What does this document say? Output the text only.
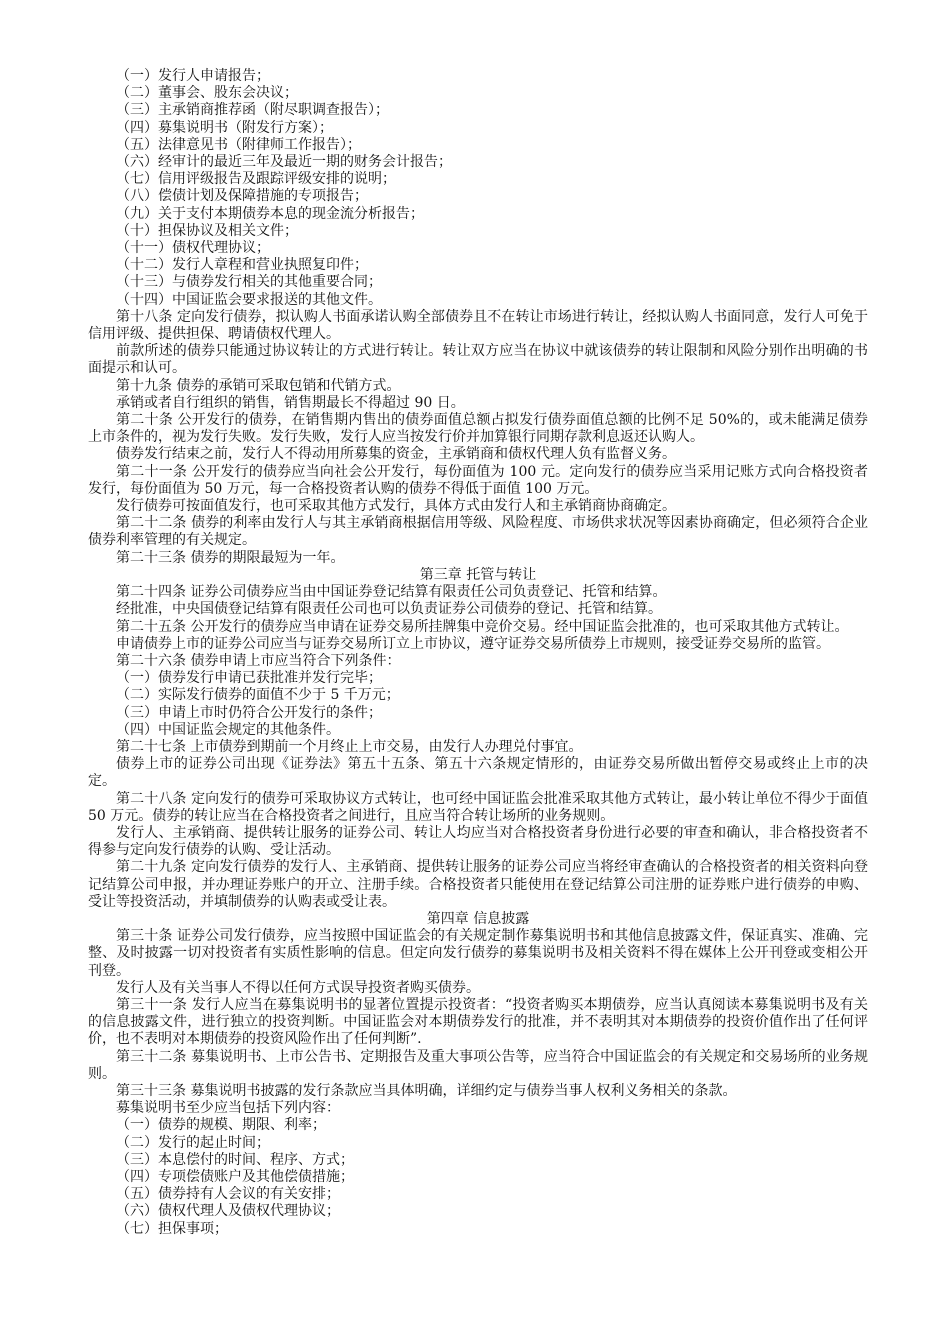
（一）发行人申请报告；

（二）董事会、股东会决议；

（三）主承销商推荐函（附尽职调查报告）；

（四）募集说明书（附发行方案）；

（五）法律意见书（附律师工作报告）；

（六）经审计的最近三年及最近一期的财务会计报告；

（七）信用评级报告及跟踪评级安排的说明；

（八）偿债计划及保障措施的专项报告；

（九）关于支付本期债券本息的现金流分析报告；

（十）担保协议及相关文件；

（十一）债权代理协议；

（十二）发行人章程和营业执照复印件；

（十三）与债券发行相关的其他重要合同；

（十四）中国证监会要求报送的其他文件。

第十八条 定向发行债券，拟认购人书面承诺认购全部债券且不在转让市场进行转让，经拟认购人书面同意，发行人可免于信用评级、提供担保、聘请债权代理人。

前款所述的债券只能通过协议转让的方式进行转让。转让双方应当在协议中就该债券的转让限制和风险分别作出明确的书面提示和认可。

第十九条 债券的承销可采取包销和代销方式。

承销或者自行组织的销售，销售期最长不得超过 90 日。

第二十条 公开发行的债券，在销售期内售出的债券面值总额占拟发行债券面值总额的比例不足 50%的，或未能满足债券上市条件的，视为发行失败。发行失败，发行人应当按发行价并加算银行同期存款利息返还认购人。

债券发行结束之前，发行人不得动用所募集的资金，主承销商和债权代理人负有监督义务。

第二十一条 公开发行的债券应当向社会公开发行，每份面值为 100 元。定向发行的债券应当采用记账方式向合格投资者发行，每份面值为 50 万元，每一合格投资者认购的债券不得低于面值 100 万元。

发行债券可按面值发行，也可采取其他方式发行，具体方式由发行人和主承销商协商确定。

第二十二条 债券的利率由发行人与其主承销商根据信用等级、风险程度、市场供求状况等因素协商确定，但必须符合企业债券利率管理的有关规定。

第二十三条 债券的期限最短为一年。

第三章 托管与转让

第二十四条 证券公司债券应当由中国证券登记结算有限责任公司负责登记、托管和结算。

经批准，中央国债登记结算有限责任公司也可以负责证券公司债券的登记、托管和结算。

第二十五条 公开发行的债券应当申请在证券交易所挂牌集中竞价交易。经中国证监会批准的，也可采取其他方式转让。

申请债券上市的证券公司应当与证券交易所订立上市协议，遵守证券交易所债券上市规则，接受证券交易所的监管。

第二十六条 债券申请上市应当符合下列条件：

（一）债券发行申请已获批准并发行完毕；

（二）实际发行债券的面值不少于 5 千万元；

（三）申请上市时仍符合公开发行的条件；

（四）中国证监会规定的其他条件。

第二十七条 上市债券到期前一个月终止上市交易，由发行人办理兑付事宜。

债券上市的证券公司出现《证券法》第五十五条、第五十六条规定情形的，由证券交易所做出暂停交易或终止上市的决定。

第二十八条 定向发行的债券可采取协议方式转让，也可经中国证监会批准采取其他方式转让，最小转让单位不得少于面值 50 万元。债券的转让应当在合格投资者之间进行，且应当符合转让场所的业务规则。

发行人、主承销商、提供转让服务的证券公司、转让人均应当对合格投资者身份进行必要的审查和确认，非合格投资者不得参与定向发行债券的认购、受让活动。

第二十九条 定向发行债券的发行人、主承销商、提供转让服务的证券公司应当将经审查确认的合格投资者的相关资料向登记结算公司申报，并办理证券账户的开立、注册手续。合格投资者只能使用在登记结算公司注册的证券账户进行债券的申购、受让等投资活动，并填制债券的认购表或受让表。

第四章 信息披露

第三十条 证券公司发行债券，应当按照中国证监会的有关规定制作募集说明书和其他信息披露文件，保证真实、准确、完整、及时披露一切对投资者有实质性影响的信息。但定向发行债券的募集说明书及相关资料不得在媒体上公开刊登或变相公开刊登。

发行人及有关当事人不得以任何方式误导投资者购买债券。

第三十一条 发行人应当在募集说明书的显著位置提示投资者：“投资者购买本期债券，应当认真阅读本募集说明书及有关的信息披露文件，进行独立的投资判断。中国证监会对本期债券发行的批准，并不表明其对本期债券的投资价值作出了任何评价，也不表明对本期债券的投资风险作出了任何判断”.

第三十二条 募集说明书、上市公告书、定期报告及重大事项公告等，应当符合中国证监会的有关规定和交易场所的业务规则。

第三十三条 募集说明书披露的发行条款应当具体明确，详细约定与债券当事人权利义务相关的条款。

募集说明书至少应当包括下列内容：

（一）债券的规模、期限、利率；

（二）发行的起止时间；

（三）本息偿付的时间、程序、方式；

（四）专项偿债账户及其他偿债措施；

（五）债券持有人会议的有关安排；

（六）债权代理人及债权代理协议；

（七）担保事项；
